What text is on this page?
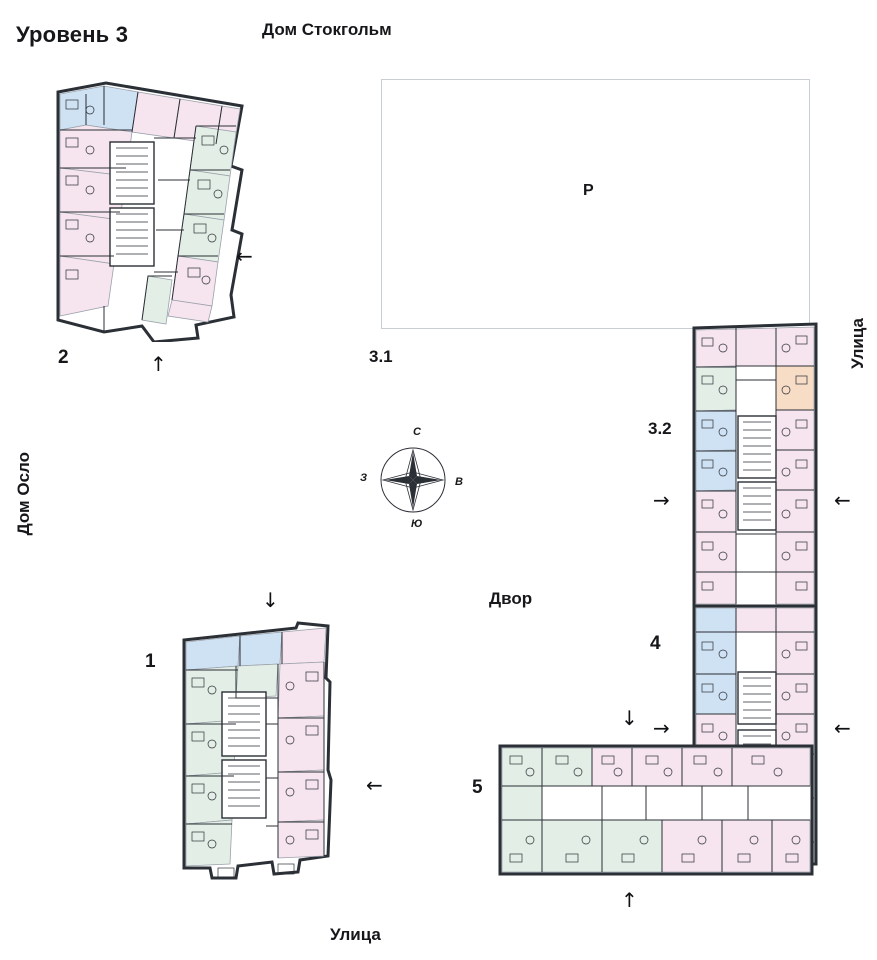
Уровень 3	Дом Стокгольм
Дом Осло
Улица
Улица
Двор
Р
3.1
3.2
1
2
4
5
←
↑
↓
←
→	←
↓ →	←
↑
С
Ю
З	В
